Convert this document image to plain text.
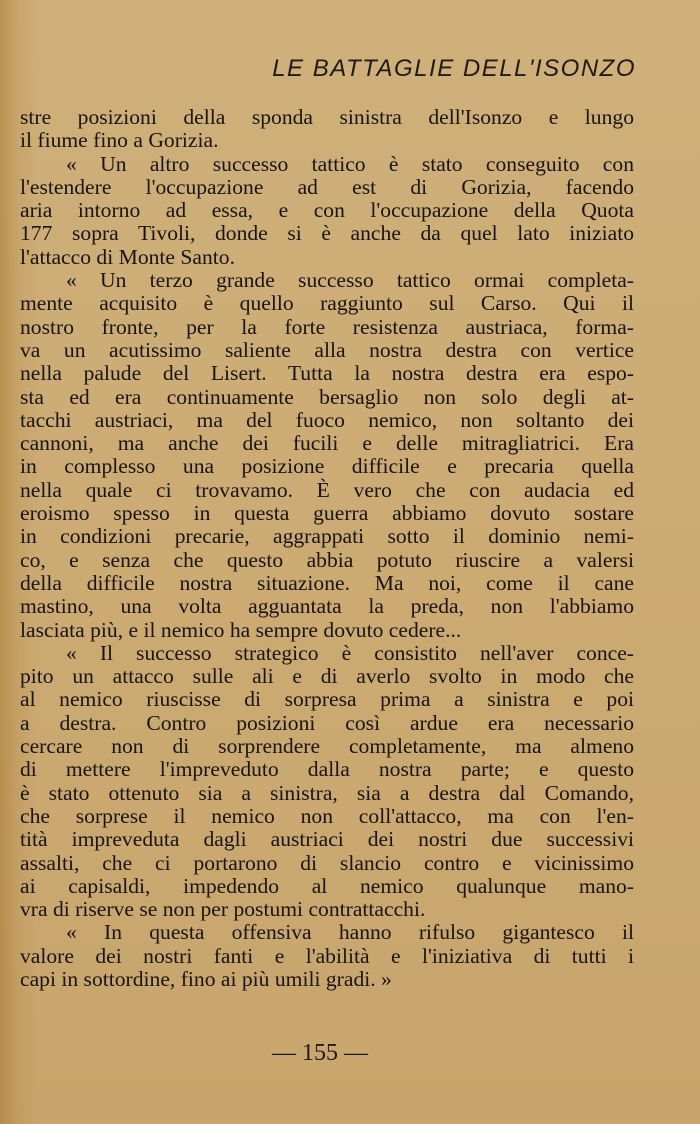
LE BATTAGLIE DELL'ISONZO
stre posizioni della sponda sinistra dell'Isonzo e lungo
il fiume fino a Gorizia.
« Un altro successo tattico è stato conseguito con
l'estendere l'occupazione ad est di Gorizia, facendo
aria intorno ad essa, e con l'occupazione della Quota
177 sopra Tivoli, donde si è anche da quel lato iniziato
l'attacco di Monte Santo.
« Un terzo grande successo tattico ormai completa-
mente acquisito è quello raggiunto sul Carso. Qui il
nostro fronte, per la forte resistenza austriaca, forma-
va un acutissimo saliente alla nostra destra con vertice
nella palude del Lisert. Tutta la nostra destra era espo-
sta ed era continuamente bersaglio non solo degli at-
tacchi austriaci, ma del fuoco nemico, non soltanto dei
cannoni, ma anche dei fucili e delle mitragliatrici. Era
in complesso una posizione difficile e precaria quella
nella quale ci trovavamo. È vero che con audacia ed
eroismo spesso in questa guerra abbiamo dovuto sostare
in condizioni precarie, aggrappati sotto il dominio nemi-
co, e senza che questo abbia potuto riuscire a valersi
della difficile nostra situazione. Ma noi, come il cane
mastino, una volta agguantata la preda, non l'abbiamo
lasciata più, e il nemico ha sempre dovuto cedere...
« Il successo strategico è consistito nell'aver conce-
pito un attacco sulle ali e di averlo svolto in modo che
al nemico riuscisse di sorpresa prima a sinistra e poi
a destra. Contro posizioni così ardue era necessario
cercare non di sorprendere completamente, ma almeno
di mettere l'impreveduto dalla nostra parte; e questo
è stato ottenuto sia a sinistra, sia a destra dal Comando,
che sorprese il nemico non coll'attacco, ma con l'en-
tità impreveduta dagli austriaci dei nostri due successivi
assalti, che ci portarono di slancio contro e vicinissimo
ai capisaldi, impedendo al nemico qualunque mano-
vra di riserve se non per postumi contrattacchi.
« In questa offensiva hanno rifulso gigantesco il
valore dei nostri fanti e l'abilità e l'iniziativa di tutti i
capi in sottordine, fino ai più umili gradi. »
— 155 —
